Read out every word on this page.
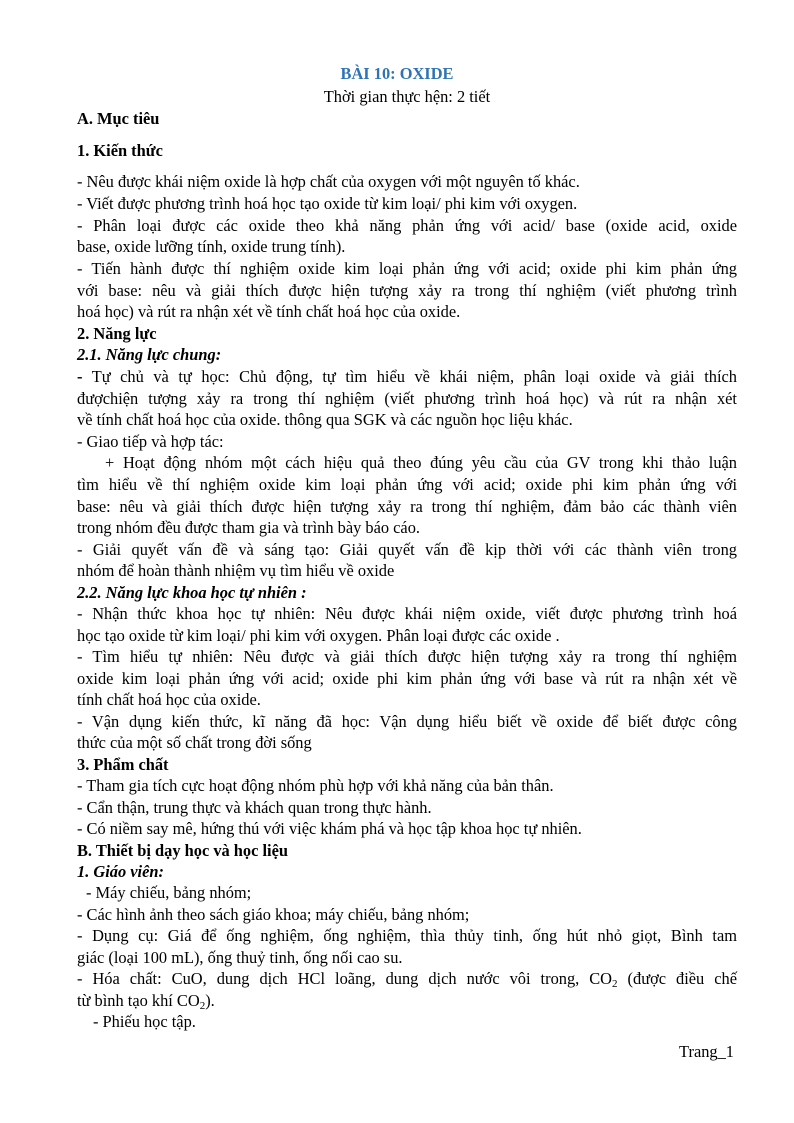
BÀI 10: OXIDE
Thời gian thực hện: 2 tiết
A. Mục tiêu
1. Kiến thức
- Nêu được khái niệm oxide là hợp chất của oxygen với một nguyên tố khác.
- Viết được phương trình hoá học tạo oxide từ kim loại/ phi kim với oxygen.
- Phân loại được các oxide theo khả năng phản ứng với acid/ base (oxide acid, oxide
base, oxide lưỡng tính, oxide trung tính).
- Tiến hành được thí nghiệm oxide kim loại phản ứng với acid; oxide phi kim phản ứng
với base: nêu và giải thích được hiện tượng xảy ra trong thí nghiệm (viết phương trình
hoá học) và rút ra nhận xét về tính chất hoá học của oxide.
2. Năng lực
2.1. Năng lực chung:
- Tự chủ và tự học: Chủ động, tự tìm hiểu về khái niệm, phân loại oxide và giải thích
đượchiện tượng xảy ra trong thí nghiệm (viết phương trình hoá học) và rút ra nhận xét
về tính chất hoá học của oxide. thông qua SGK và các nguồn học liệu khác.
- Giao tiếp và hợp tác:
+ Hoạt động nhóm một cách hiệu quả theo đúng yêu cầu của GV trong khi thảo luận
tìm hiểu về thí nghiệm oxide kim loại phản ứng với acid; oxide phi kim phản ứng với
base: nêu và giải thích được hiện tượng xảy ra trong thí nghiệm, đảm bảo các thành viên
trong nhóm đều được tham gia và trình bày báo cáo.
- Giải quyết vấn đề và sáng tạo: Giải quyết vấn đề kịp thời với các thành viên trong
nhóm để hoàn thành nhiệm vụ tìm hiểu về oxide
2.2. Năng lực khoa học tự nhiên :
- Nhận thức khoa học tự nhiên: Nêu được khái niệm oxide, viết được phương trình hoá
học tạo oxide từ kim loại/ phi kim với oxygen. Phân loại được các oxide .
- Tìm hiểu tự nhiên: Nêu được và giải thích được hiện tượng xảy ra trong thí nghiệm
oxide kim loại phản ứng với acid; oxide phi kim phản ứng với base và rút ra nhận xét về
tính chất hoá học của oxide.
- Vận dụng kiến thức, kĩ năng đã học: Vận dụng hiểu biết về oxide để biết được công
thức của một số chất trong đời sống
3. Phẩm chất
- Tham gia tích cực hoạt động nhóm phù hợp với khả năng của bản thân.
- Cẩn thận, trung thực và khách quan trong thực hành.
- Có niềm say mê, hứng thú với việc khám phá và học tập khoa học tự nhiên.
B. Thiết bị dạy học và học liệu
1. Giáo viên:
- Máy chiếu, bảng nhóm;
- Các hình ảnh theo sách giáo khoa; máy chiếu, bảng nhóm;
- Dụng cụ: Giá để ống nghiệm, ống nghiệm, thìa thủy tinh, ống hút nhỏ giọt, Bình tam
giác (loại 100 mL), ống thuỷ tinh, ống nối cao su.
- Hóa chất: CuO, dung dịch HCl loãng, dung dịch nước vôi trong, $CO_2$ (được điều chế
từ bình tạo khí $CO_2$).
- Phiếu học tập.
Trang_1
